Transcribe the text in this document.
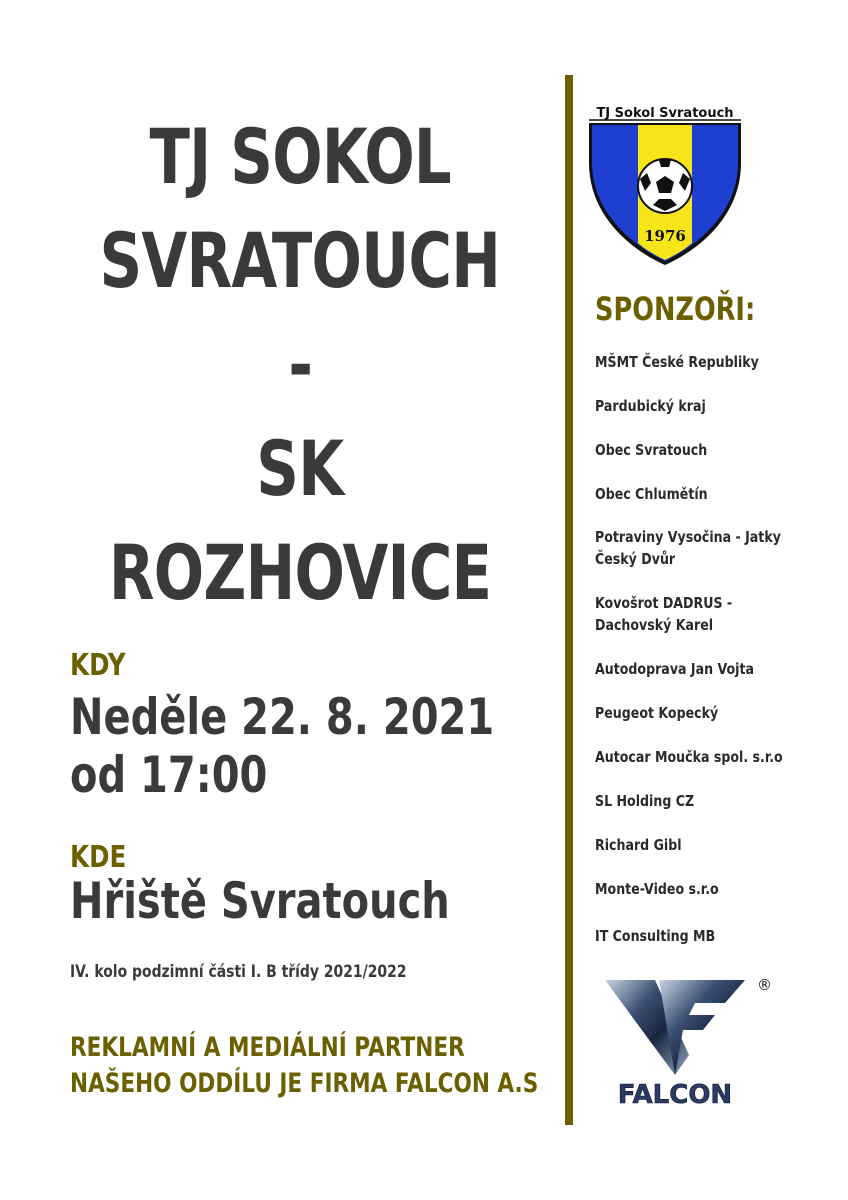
TJ SOKOL
SVRATOUCH
-
SK
ROZHOVICE
KDY
Neděle 22. 8. 2021
od 17:00
KDE
Hřiště Svratouch
IV. kolo podzimní části I. B třídy 2021/2022
REKLAMNÍ A MEDIÁLNÍ PARTNER
NAŠEHO ODDÍLU JE FIRMA FALCON A.S
TJ Sokol Svratouch
1976
SPONZOŘI:
MŠMT České Republiky
Pardubický kraj
Obec Svratouch
Obec Chlumětín
Potraviny Vysočina - Jatky
Český Dvůr
Kovošrot DADRUS -
Dachovský Karel
Autodoprava Jan Vojta
Peugeot Kopecký
Autocar Moučka spol. s.r.o
SL Holding CZ
Richard Gibl
Monte-Video s.r.o
IT Consulting MB
®
FALCON
